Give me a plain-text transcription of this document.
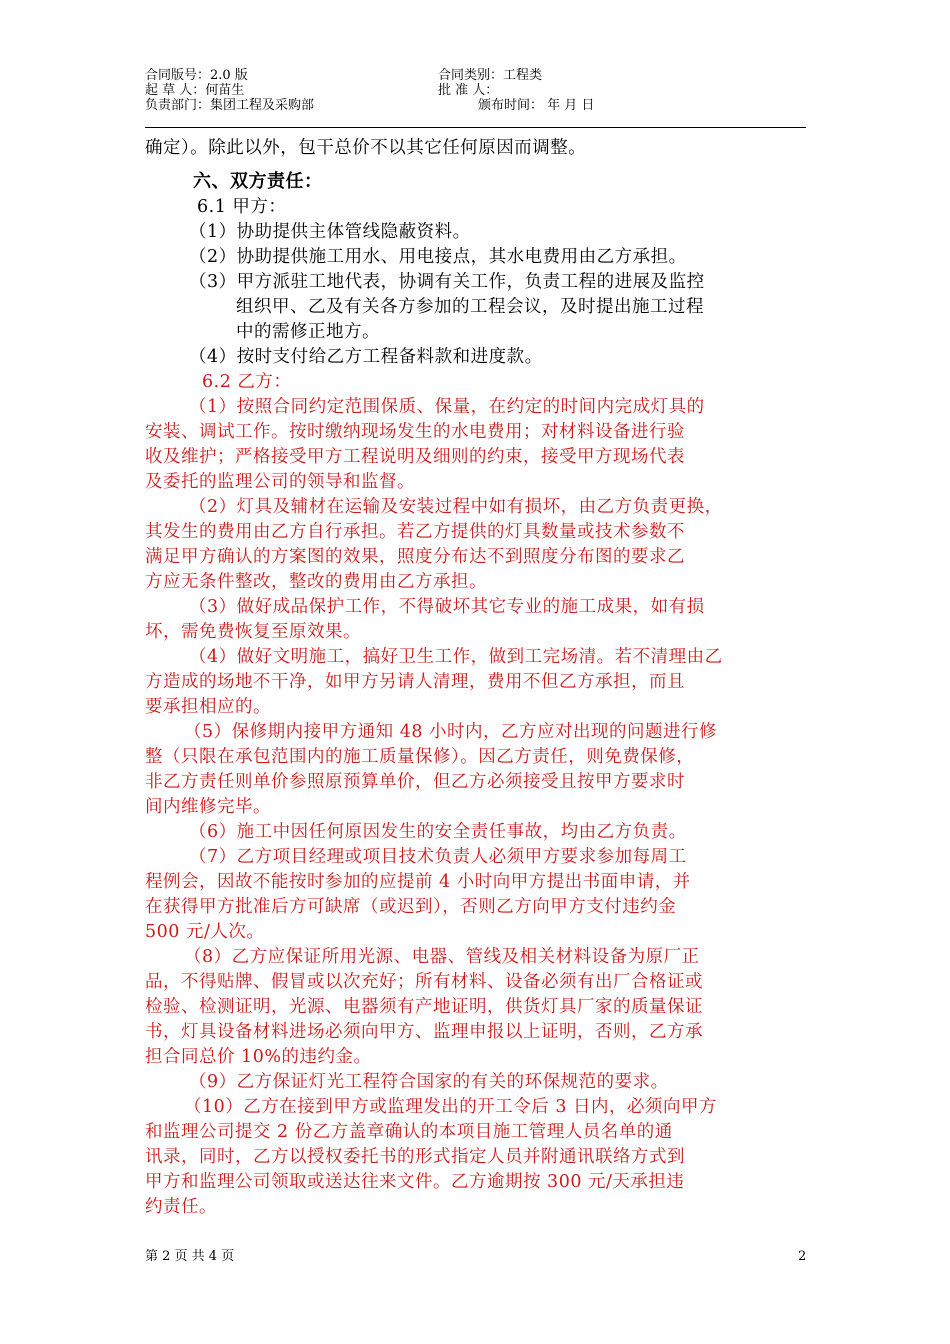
合同版号：2.0 版	合同类别：工程类
起 草 人：何苗生	批 准 人：
负责部门：集团工程及采购部	颁布时间： 年 月 日
确定）。除此以外，包干总价不以其它任何原因而调整。
六、双方责任：
6.1 甲方：
（1）协助提供主体管线隐蔽资料。
（2）协助提供施工用水、用电接点，其水电费用由乙方承担。
（3）甲方派驻工地代表，协调有关工作，负责工程的进展及监控
组织甲、乙及有关各方参加的工程会议，及时提出施工过程
中的需修正地方。
（4）按时支付给乙方工程备料款和进度款。
6.2 乙方：
（1）按照合同约定范围保质、保量，在约定的时间内完成灯具的
安装、调试工作。按时缴纳现场发生的水电费用；对材料设备进行验
收及维护；严格接受甲方工程说明及细则的约束，接受甲方现场代表
及委托的监理公司的领导和监督。
（2）灯具及辅材在运输及安装过程中如有损坏，由乙方负责更换，
其发生的费用由乙方自行承担。若乙方提供的灯具数量或技术参数不
满足甲方确认的方案图的效果，照度分布达不到照度分布图的要求乙
方应无条件整改，整改的费用由乙方承担。
（3）做好成品保护工作，不得破坏其它专业的施工成果，如有损
坏，需免费恢复至原效果。
（4）做好文明施工，搞好卫生工作，做到工完场清。若不清理由乙
方造成的场地不干净，如甲方另请人清理，费用不但乙方承担，而且
要承担相应的。
（5）保修期内接甲方通知 48 小时内，乙方应对出现的问题进行修
整（只限在承包范围内的施工质量保修）。因乙方责任，则免费保修，
非乙方责任则单价参照原预算单价，但乙方必须接受且按甲方要求时
间内维修完毕。
（6）施工中因任何原因发生的安全责任事故，均由乙方负责。
（7）乙方项目经理或项目技术负责人必须甲方要求参加每周工
程例会，因故不能按时参加的应提前 4 小时向甲方提出书面申请，并
在获得甲方批准后方可缺席（或迟到），否则乙方向甲方支付违约金
500 元/人次。
（8）乙方应保证所用光源、电器、管线及相关材料设备为原厂正
品，不得贴牌、假冒或以次充好；所有材料、设备必须有出厂合格证或
检验、检测证明，光源、电器须有产地证明，供货灯具厂家的质量保证
书，灯具设备材料进场必须向甲方、监理申报以上证明，否则，乙方承
担合同总价 10%的违约金。
（9）乙方保证灯光工程符合国家的有关的环保规范的要求。
（10）乙方在接到甲方或监理发出的开工令后 3 日内，必须向甲方
和监理公司提交 2 份乙方盖章确认的本项目施工管理人员名单的通
讯录，同时，乙方以授权委托书的形式指定人员并附通讯联络方式到
甲方和监理公司领取或送达往来文件。乙方逾期按 300 元/天承担违
约责任。
第 2 页 共 4 页	2
